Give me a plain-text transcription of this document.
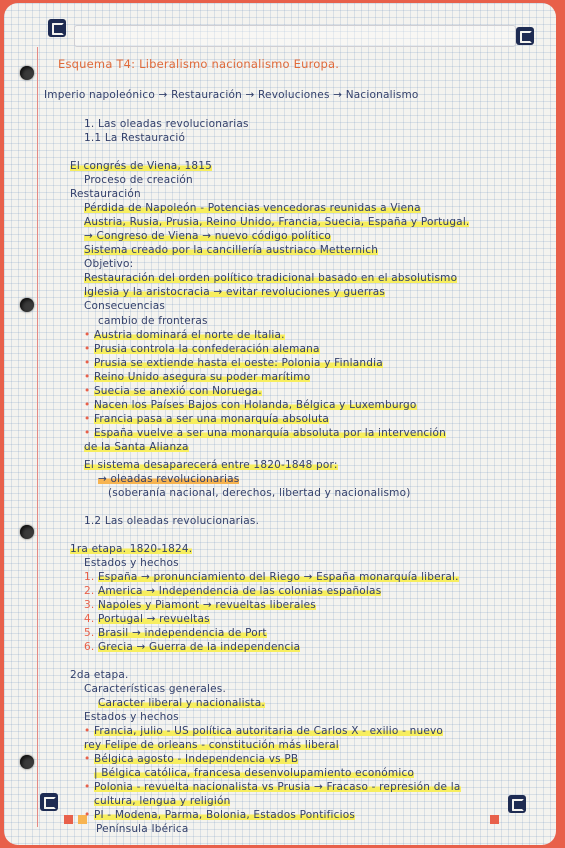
Esquema T4: Liberalismo nacionalismo Europa.
Imperio napoleónico → Restauración → Revoluciones → Nacionalismo
1. Las oleadas revolucionarias
1.1 La Restauració
El congrés de Viena, 1815
Proceso de creación
Restauración
Pérdida de Napoleón - Potencias vencedoras reunidas a Viena
Austria, Rusia, Prusia, Reino Unido, Francia, Suecia, España y Portugal.
→ Congreso de Viena → nuevo código político
Sistema creado por la cancillería austriaco Metternich
Objetivo:
Restauración del orden político tradicional basado en el absolutismo
Iglesia y la aristocracia → evitar revoluciones y guerras
Consecuencias
cambio de fronteras
• Austria dominará el norte de Italia.
• Prusia controla la confederación alemana
• Prusia se extiende hasta el oeste: Polonia y Finlandia
• Reino Unido asegura su poder marítimo
• Suecia se anexió con Noruega.
• Nacen los Países Bajos con Holanda, Bélgica y Luxemburgo
• Francia pasa a ser una monarquía absoluta
• España vuelve a ser una monarquía absoluta por la intervención
de la Santa Alianza
El sistema desaparecerá entre 1820-1848 por:
→ oleadas revolucionarias
(soberanía nacional, derechos, libertad y nacionalismo)
1.2 Las oleadas revolucionarias.
1ra etapa. 1820-1824.
Estados y hechos
1. España → pronunciamiento del Riego → España monarquía liberal.
2. America → Independencia de las colonias españolas
3. Napoles y Piamont → revueltas liberales
4. Portugal → revueltas
5. Brasil → independencia de Port
6. Grecia → Guerra de la independencia
2da etapa.
Características generales.
Caracter liberal y nacionalista.
Estados y hechos
• Francia, julio - US política autoritaria de Carlos X - exilio - nuevo
rey Felipe de orleans - constitución más liberal
• Bélgica agosto - Independencia vs PB
| Bélgica católica, francesa desenvolupamiento económico
• Polonia - revuelta nacionalista vs Prusia → Fracaso - represión de la
cultura, lengua y religión
• PI - Modena, Parma, Bolonia, Estados Pontificios
Península Ibérica
